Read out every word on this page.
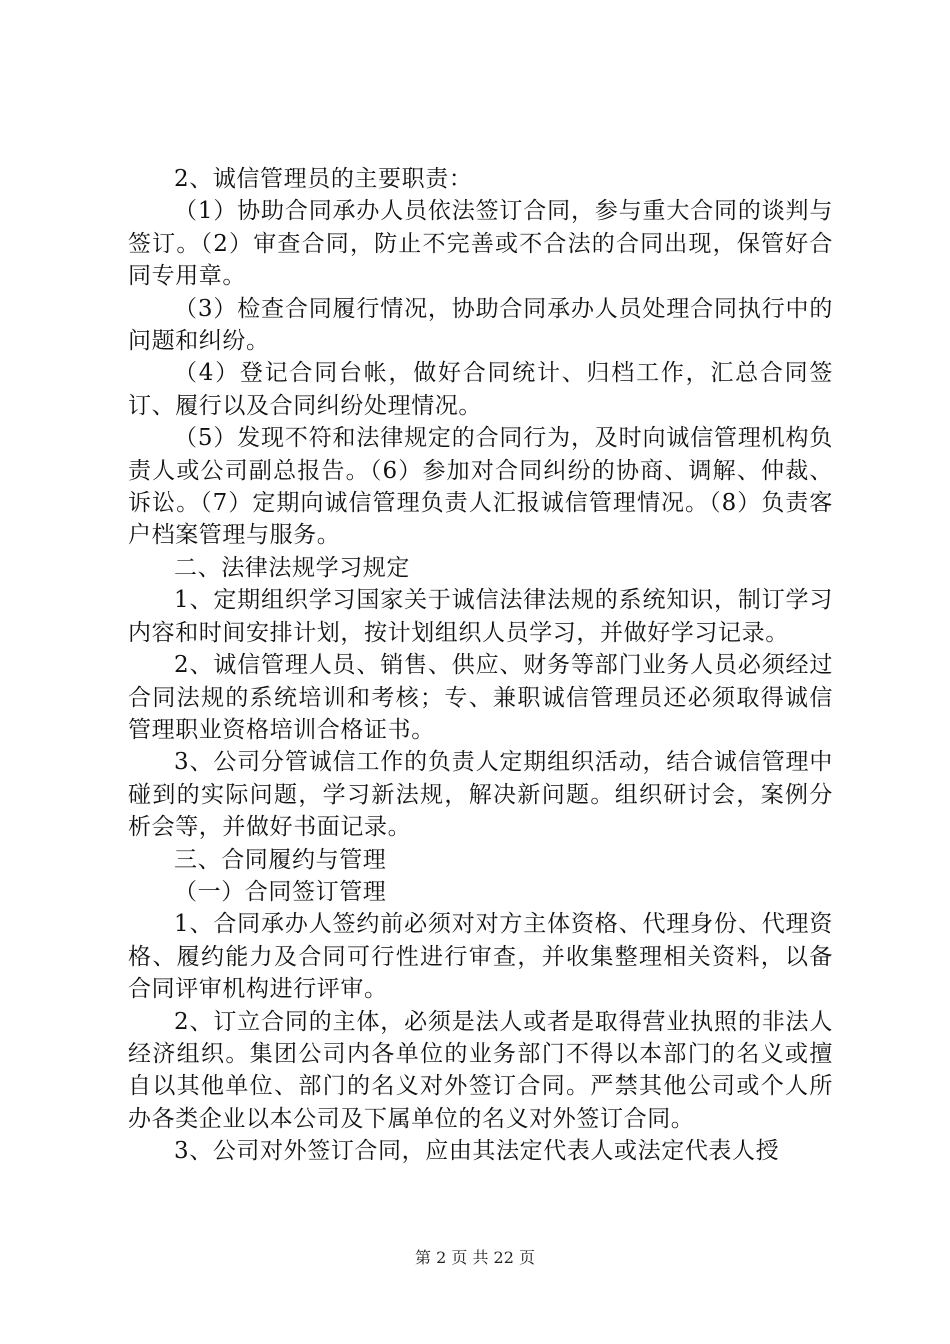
2、诚信管理员的主要职责：

（1）协助合同承办人员依法签订合同，参与重大合同的谈判与签订。（2）审查合同，防止不完善或不合法的合同出现，保管好合同专用章。

（3）检查合同履行情况，协助合同承办人员处理合同执行中的问题和纠纷。

（4）登记合同台帐，做好合同统计、归档工作，汇总合同签订、履行以及合同纠纷处理情况。

（5）发现不符和法律规定的合同行为，及时向诚信管理机构负责人或公司副总报告。（6）参加对合同纠纷的协商、调解、仲裁、诉讼。（7）定期向诚信管理负责人汇报诚信管理情况。（8）负责客户档案管理与服务。

二、法律法规学习规定

1、定期组织学习国家关于诚信法律法规的系统知识，制订学习内容和时间安排计划，按计划组织人员学习，并做好学习记录。

2、诚信管理人员、销售、供应、财务等部门业务人员必须经过合同法规的系统培训和考核；专、兼职诚信管理员还必须取得诚信管理职业资格培训合格证书。

3、公司分管诚信工作的负责人定期组织活动，结合诚信管理中碰到的实际问题，学习新法规，解决新问题。组织研讨会，案例分析会等，并做好书面记录。

三、合同履约与管理

（一）合同签订管理

1、合同承办人签约前必须对对方主体资格、代理身份、代理资格、履约能力及合同可行性进行审查，并收集整理相关资料，以备合同评审机构进行评审。

2、订立合同的主体，必须是法人或者是取得营业执照的非法人经济组织。集团公司内各单位的业务部门不得以本部门的名义或擅自以其他单位、部门的名义对外签订合同。严禁其他公司或个人所办各类企业以本公司及下属单位的名义对外签订合同。

3、公司对外签订合同，应由其法定代表人或法定代表人授

第 2 页 共 22 页
